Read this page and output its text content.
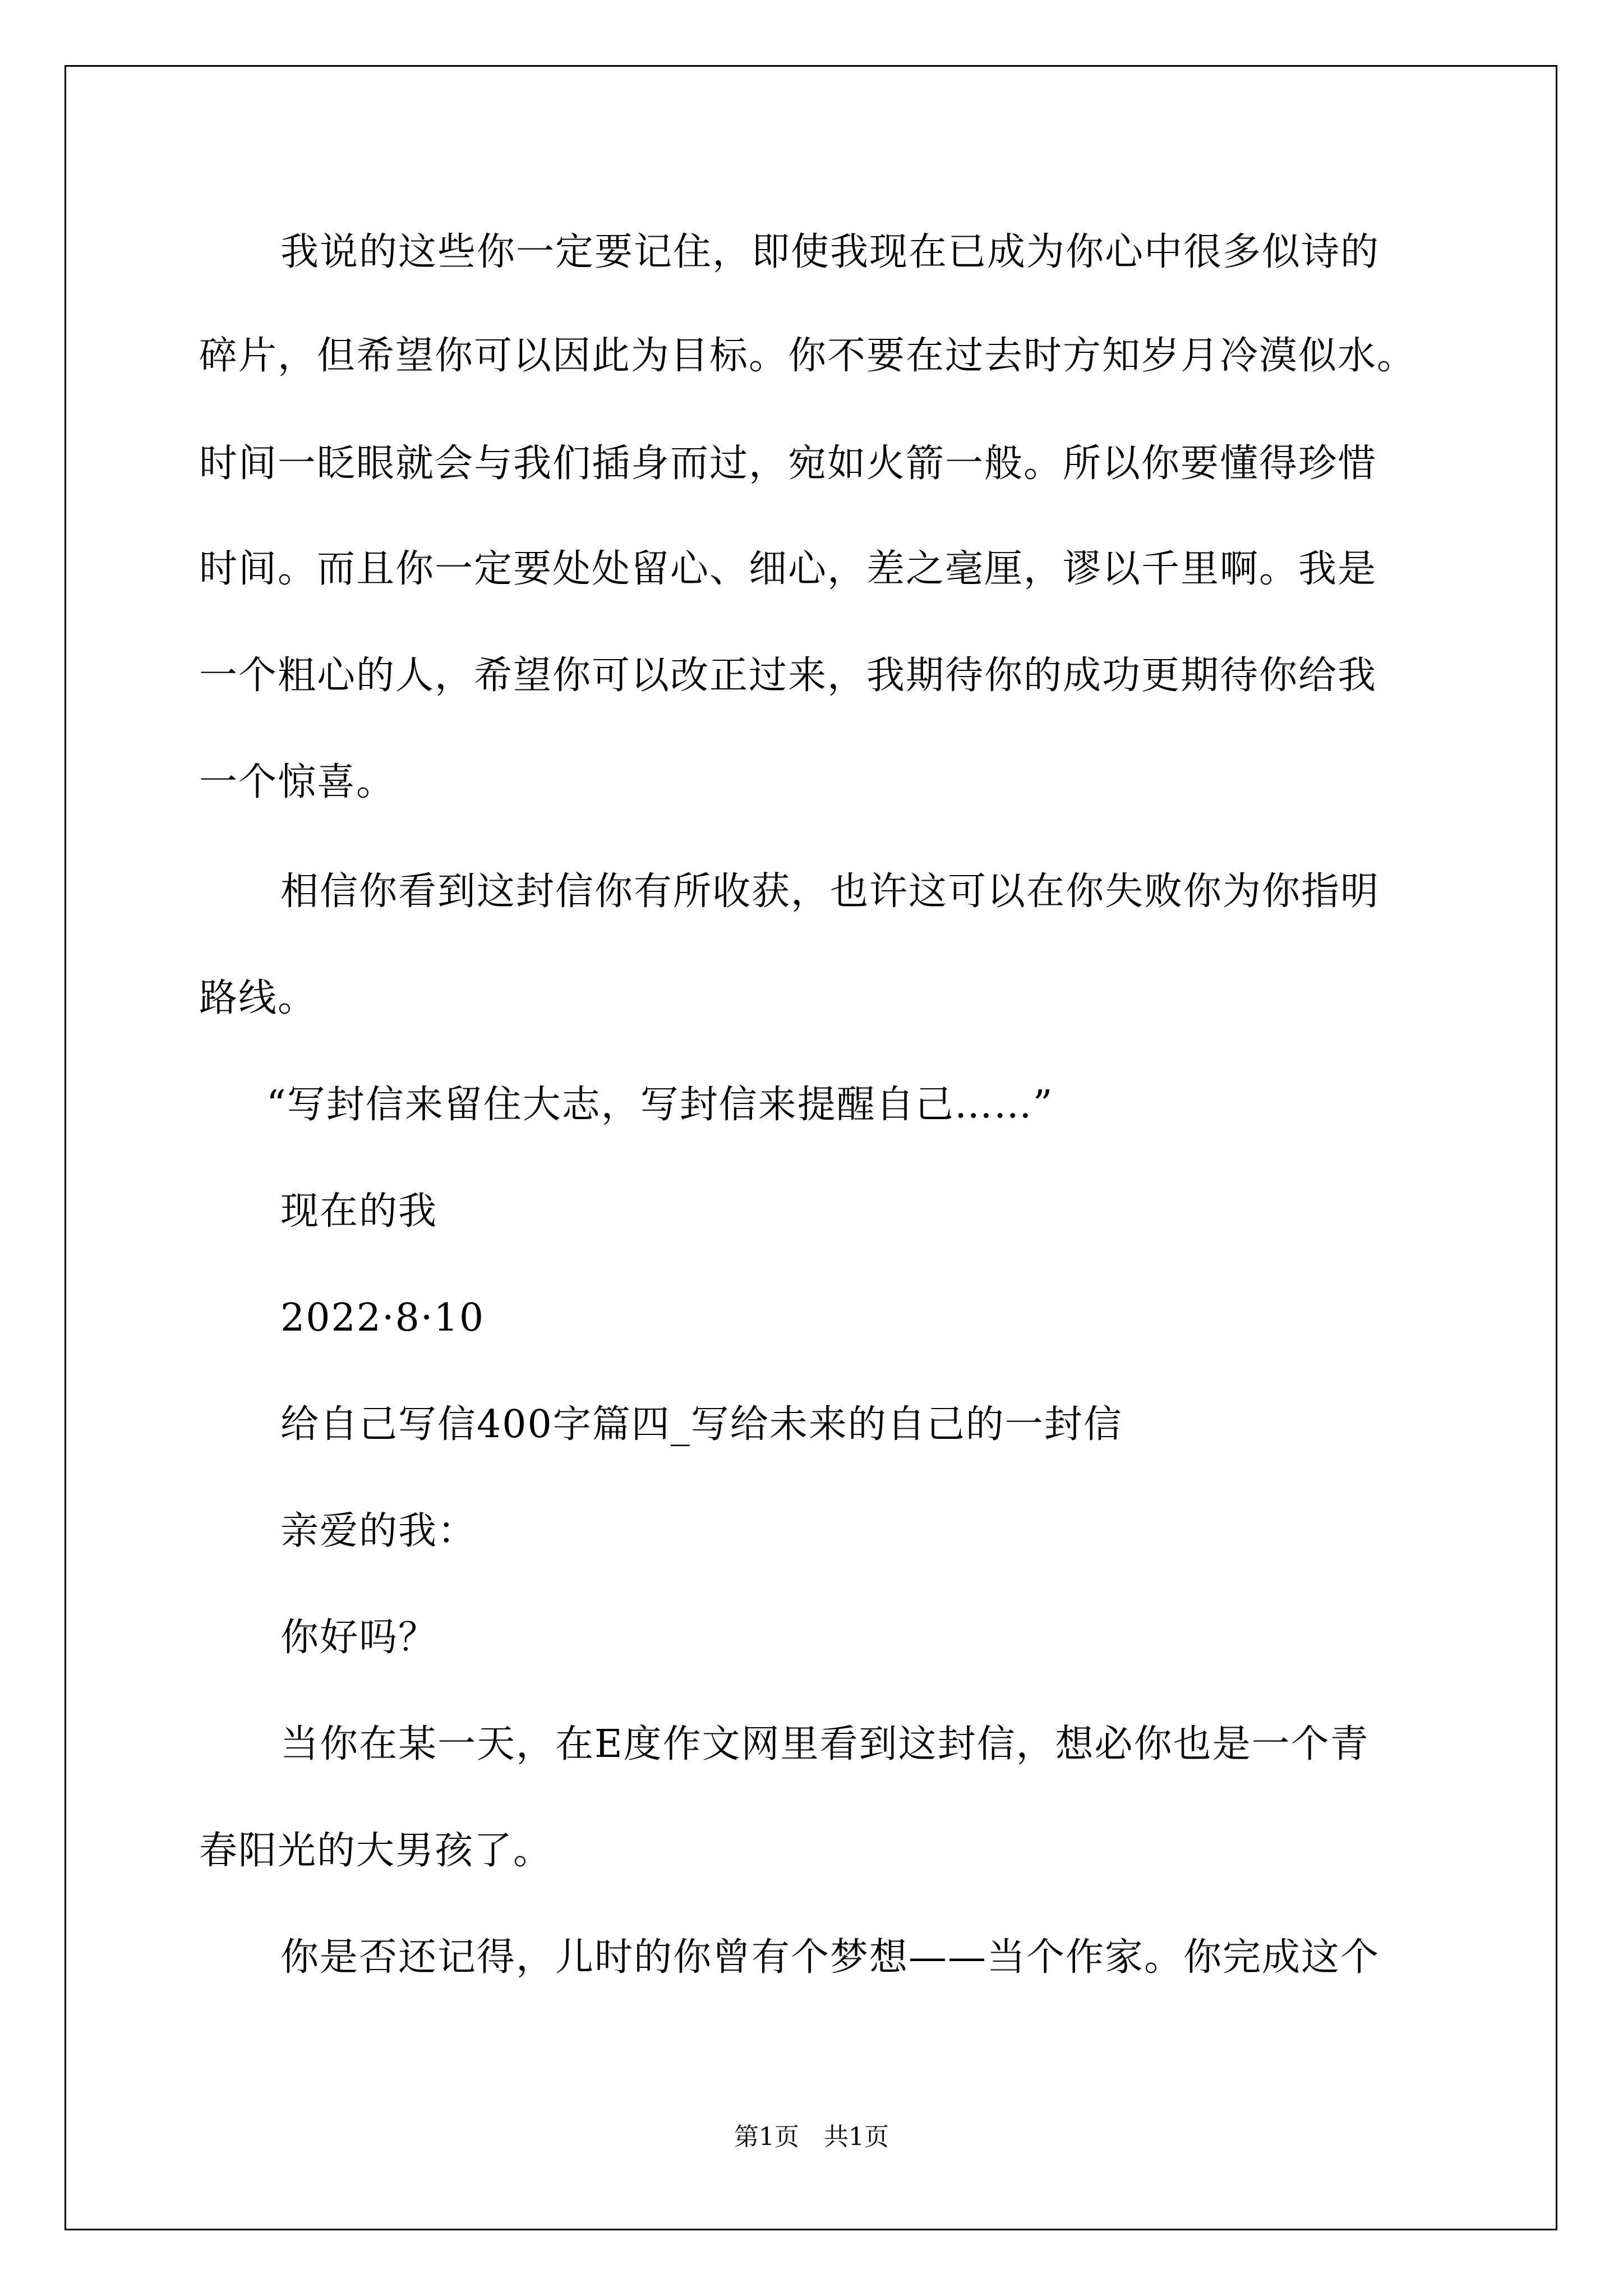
我说的这些你一定要记住，即使我现在已成为你心中很多似诗的
碎片，但希望你可以因此为目标。你不要在过去时方知岁月冷漠似水。
时间一眨眼就会与我们插身而过，宛如火箭一般。所以你要懂得珍惜
时间。而且你一定要处处留心、细心，差之毫厘，谬以千里啊。我是
一个粗心的人，希望你可以改正过来，我期待你的成功更期待你给我
一个惊喜。
相信你看到这封信你有所收获，也许这可以在你失败你为你指明
路线。
“写封信来留住大志，写封信来提醒自己……”
现在的我
2022·8·10
给自己写信400字篇四_写给未来的自己的一封信
亲爱的我：
你好吗？
当你在某一天，在E度作文网里看到这封信，想必你也是一个青
春阳光的大男孩了。
你是否还记得，儿时的你曾有个梦想——当个作家。你完成这个
第1页　共1页
